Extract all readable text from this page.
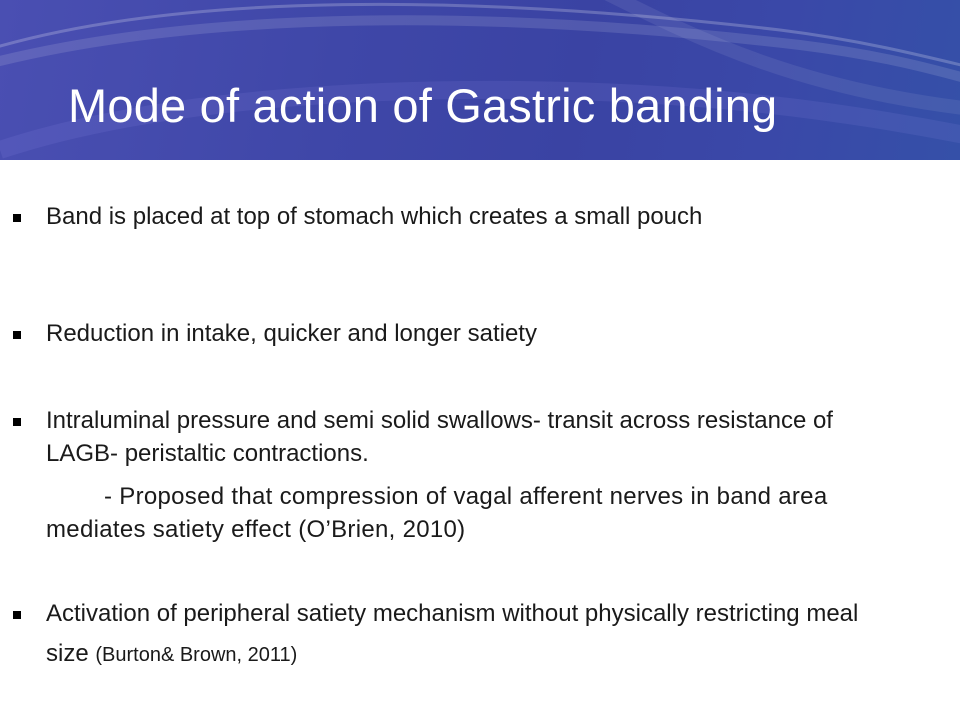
Mode of action of Gastric banding
Band is placed at top of stomach which creates a small pouch
Reduction in intake, quicker and longer satiety
Intraluminal pressure and semi solid swallows- transit across resistance of LAGB- peristaltic contractions.
- Proposed that compression of vagal afferent nerves in band area mediates satiety effect (O’Brien, 2010)
Activation of peripheral satiety mechanism without physically restricting meal size (Burton& Brown, 2011)
